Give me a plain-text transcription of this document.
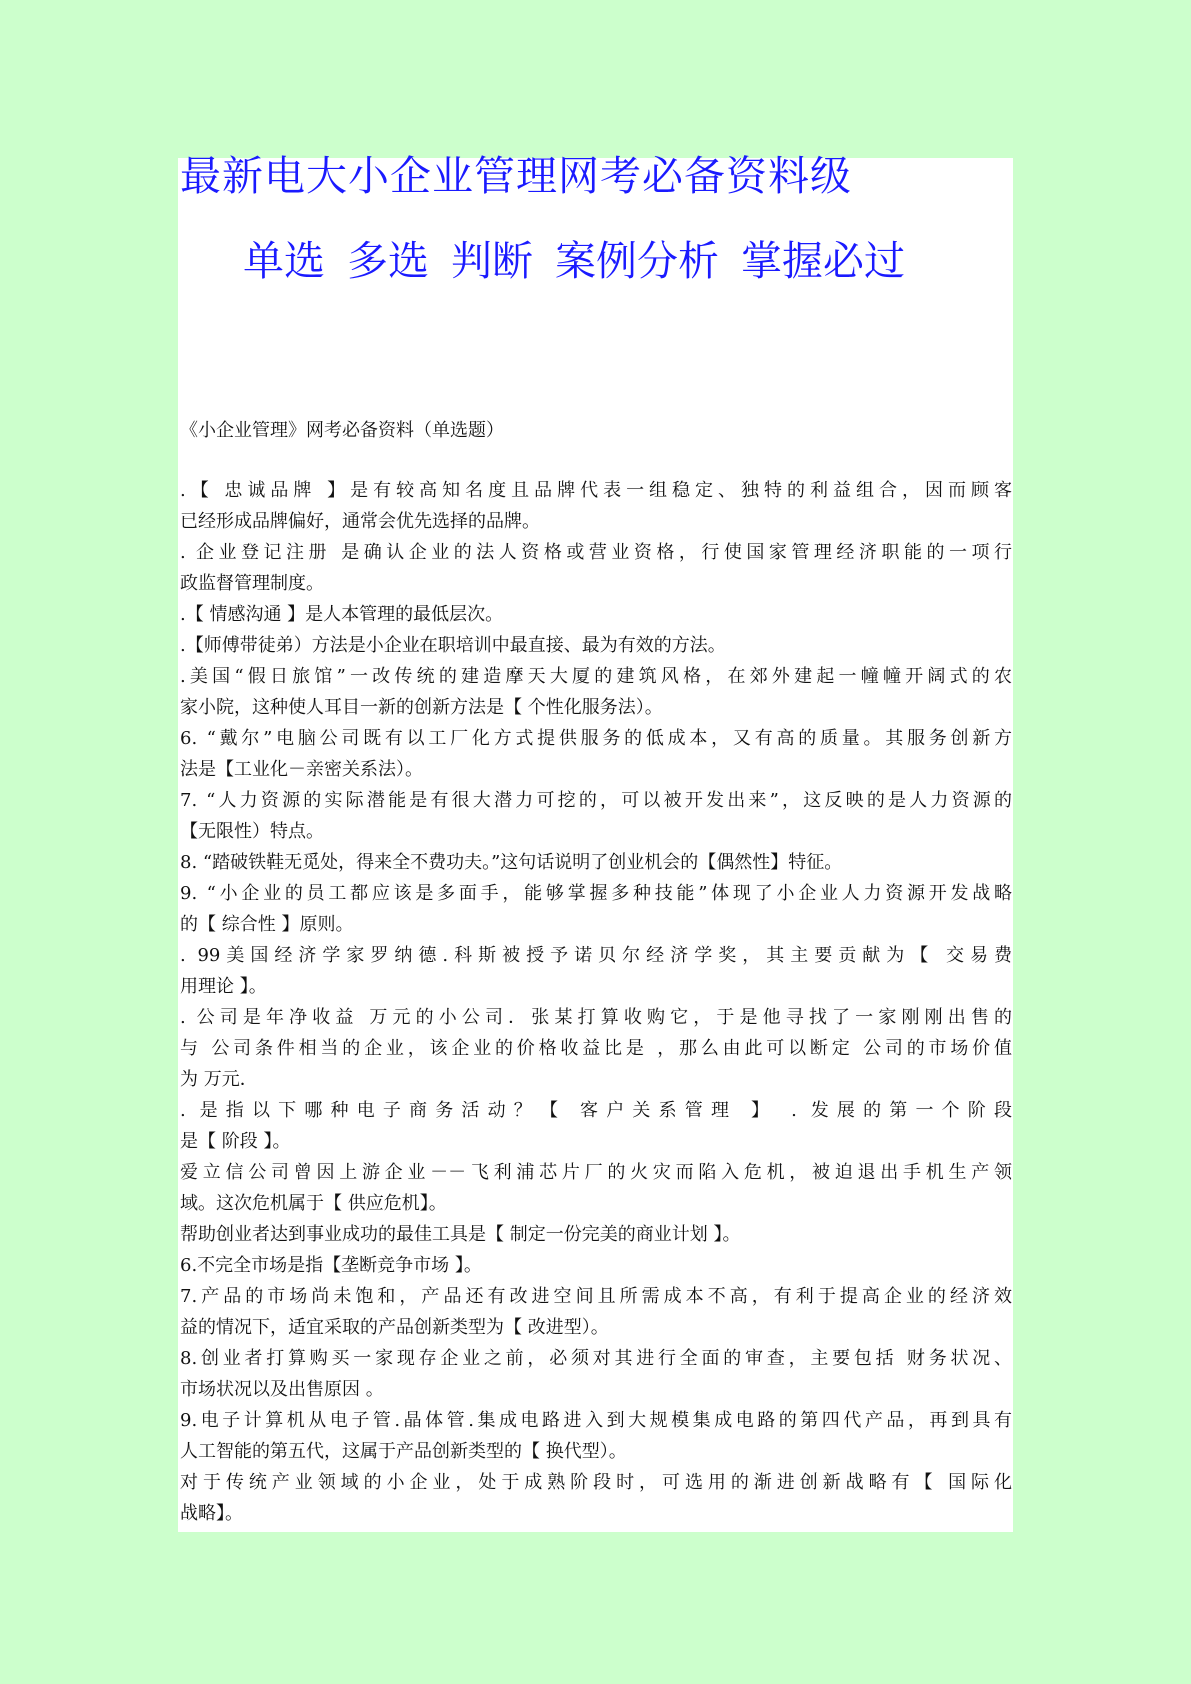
最新电大小企业管理网考必备资料级
单选 多选 判断 案例分析 掌握必过
《小企业管理》网考必备资料（单选题）
.【 忠诚品牌 】是有较高知名度且品牌代表一组稳定、独特的利益组合，因而顾客
已经形成品牌偏好，通常会优先选择的品牌。
. 企业登记注册 是确认企业的法人资格或营业资格，行使国家管理经济职能的一项行
政监督管理制度。
.【 情感沟通 】是人本管理的最低层次。
.【师傅带徒弟）方法是小企业在职培训中最直接、最为有效的方法。
.美国“假日旅馆”一改传统的建造摩天大厦的建筑风格，在郊外建起一幢幢开阔式的农
家小院，这种使人耳目一新的创新方法是【 个性化服务法）。
6. “戴尔”电脑公司既有以工厂化方式提供服务的低成本，又有高的质量。其服务创新方
法是【工业化－亲密关系法）。
7. “人力资源的实际潜能是有很大潜力可挖的，可以被开发出来”，这反映的是人力资源的
【无限性）特点。
8. “踏破铁鞋无觅处，得来全不费功夫。”这句话说明了创业机会的【偶然性】特征。
9. “小企业的员工都应该是多面手，能够掌握多种技能”体现了小企业人力资源开发战略
的【 综合性 】原则。
. 99美国经济学家罗纳德.科斯被授予诺贝尔经济学奖，其主要贡献为【 交易费
用理论 】。
. 公司是年净收益 万元的小公司．张某打算收购它，于是他寻找了一家刚刚出售的
与 公司条件相当的企业，该企业的价格收益比是 ，那么由此可以断定 公司的市场价值
为 万元．
. 是指以下哪种电子商务活动？【 客户关系管理 】 . 发展的第一个阶段
是【 阶段 】。
爱立信公司曾因上游企业－－飞利浦芯片厂的火灾而陷入危机，被迫退出手机生产领
域。这次危机属于【 供应危机】。
帮助创业者达到事业成功的最佳工具是【 制定一份完美的商业计划 】。
6.不完全市场是指【垄断竞争市场 】。
7.产品的市场尚未饱和，产品还有改进空间且所需成本不高，有利于提高企业的经济效
益的情况下，适宜采取的产品创新类型为【 改进型）。
8.创业者打算购买一家现存企业之前，必须对其进行全面的审查，主要包括 财务状况、
市场状况以及出售原因 。
9.电子计算机从电子管.晶体管.集成电路进入到大规模集成电路的第四代产品，再到具有
人工智能的第五代，这属于产品创新类型的【 换代型）。
对于传统产业领域的小企业，处于成熟阶段时，可选用的渐进创新战略有【 国际化
战略】。
